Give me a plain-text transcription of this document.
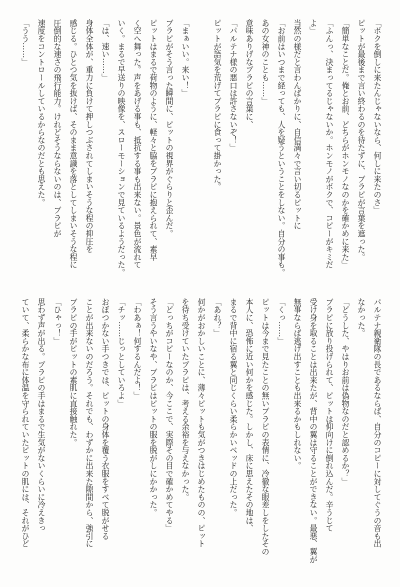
「ボクを倒しに来たんじゃないなら、何しに来たのさ」
ピットが最後まで言い終わるのを待たずに、ブラピが言葉を遮った。
「簡単なことだ。俺とお前、どちらがホンモノなのかを確かめに来た」
「ふんっ、決まってるじゃないか。ホンモノがボクで、コピーがキミだ
よ」
当然の様だと言わんばかりに、自信満々で言い切るピットに
「お前はいつまで経っても、人を疑うということをしない。自分の事も。
あの女神のことも……」
意味ありげなブラピの言葉に、
「パルテナ様の悪口は許さないぞ！」
ピットが語気を荒げてブラピに食って掛かった。
「まぁいい。来い！」
ブラピがそう言った瞬間に、ピットの視界がぐらりと歪んだ。
ピットはまるで荷物のように、軽々と脇をブラピに抱えられて、素早
く空へ舞った。声をあげる事も、抵抗する事も出来ない。景色が流れて
いく。まるで早送りの映像を、スローモーションで見ているようだった。
「は、速い……」
身体全体が、重力に負けて押しつぶされてしまいそうな程の抑圧を
感じる。ひとつ気を抜けば、そのまま意識を落としてしまいそうな程に
圧倒的な速さの飛行能力。けれどそうならないのは、ブラピが
速度をコントロールしているからなのだとも思えた。
「うう……」
パルテナ親衛隊の長であるならば、自分のコピーに対してぐうの音も出
なかった。
「どうした、やはりお前は偽物なのだと認めるか？」
ブラピに放り投げられて、ピットは仰向けに倒れ込んだ。辛うじて
受け身を取ることは出来たが、背中の翼は守ることができない。最悪、翼が
無事ならば逃げ出すことも出来るかもしれない。
「くっ……」
ピットは今まで見たことの無いブラピの表情に、冷徹な眼差しをしたその
本人に、恐怖に近い何かを感じた。しかし、床に思えたその地は、
まるで背中に宿る翼と同じくらい柔らかいベッドの上だった。
「あれ？」
何かがおかしいことに、薄々ピットも気がつきはじめたものの、ピット
を待ち受けていたブラピは、考える余裕を与えなかった。
「どっちがコピーなのか、今ここで、実際その目で確かめてやる」
そう言うやいなや、ブラピはピットの服を脱がしにかかった。
「わあぁ！何するんだよ！」
「チッ……じっとしていろよ」
おぼつかない手つきでは、ピットの身体を覆う衣服をすべて脱がせる
ことが出来ないのだろう。それでも、わずかに出来た隙間から、強引に
ブラピの手がピットの素肌に直接触れた。
「ひゃっ！」
思わず声が出る。ブラピの手はまるで生気がないくらいに冷えきっ
ていて、柔らかな布に体温を守られていたピットの肌には、それがひど
